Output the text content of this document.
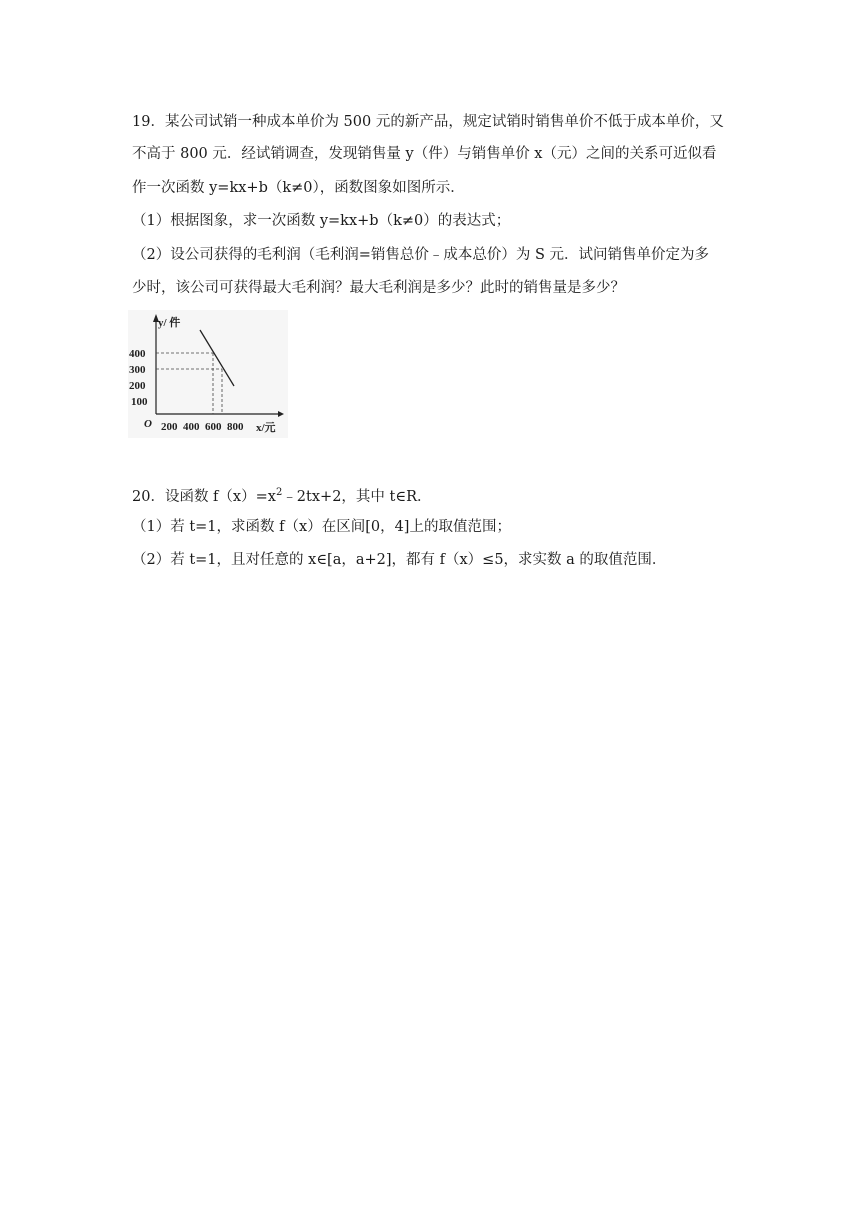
19．某公司试销一种成本单价为 500 元的新产品，规定试销时销售单价不低于成本单价，又
不高于 800 元．经试销调查，发现销售量 y（件）与销售单价 x（元）之间的关系可近似看
作一次函数 y=kx+b（k≠0），函数图象如图所示．
（1）根据图象，求一次函数 y=kx+b（k≠0）的表达式；
（2）设公司获得的毛利润（毛利润=销售总价﹣成本总价）为 S 元．试问销售单价定为多
少时，该公司可获得最大毛利润？最大毛利润是多少？此时的销售量是多少？
y/ 件
400
300
200
100
O 200 400 600 800 x/元
20．设函数 $f(x)=x^2﹣2tx+2$，其中 t∈R．
（1）若 t=1，求函数 f（x）在区间[0，4]上的取值范围；
（2）若 t=1，且对任意的 x∈[a，a+2]，都有 f（x）≤5，求实数 a 的取值范围．
